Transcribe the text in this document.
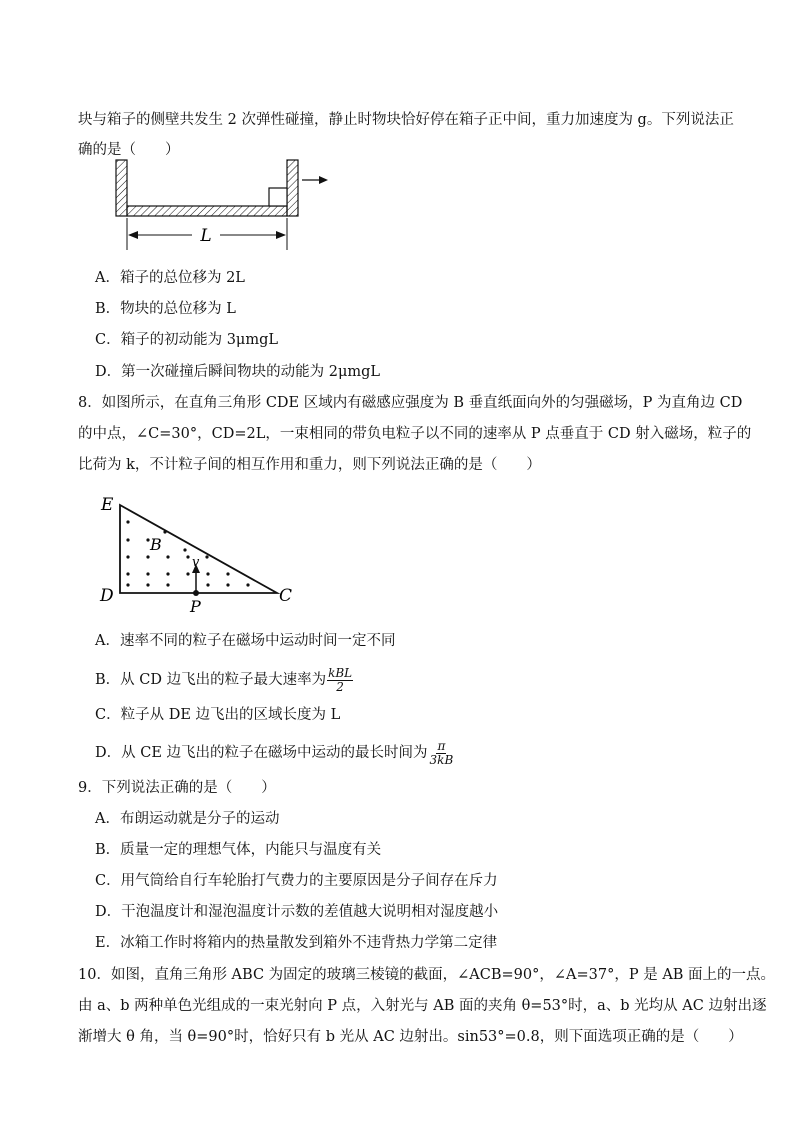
块与箱子的侧壁共发生 2 次弹性碰撞，静止时物块恰好停在箱子正中间，重力加速度为 g。下列说法正
确的是（　　）
L
A．箱子的总位移为 2L
B．物块的总位移为 L
C．箱子的初动能为 3μmgL
D．第一次碰撞后瞬间物块的动能为 2μmgL
8．如图所示，在直角三角形 CDE 区域内有磁感应强度为 B 垂直纸面向外的匀强磁场，P 为直角边 CD
的中点，∠C=30°，CD=2L，一束相同的带负电粒子以不同的速率从 P 点垂直于 CD 射入磁场，粒子的
比荷为 k，不计粒子间的相互作用和重力，则下列说法正确的是（　　）
E
D	C
P
B
v
A．速率不同的粒子在磁场中运动时间一定不同
B．从 CD 边飞出的粒子最大速率为 $\frac{\text{kBL}}{2}$
C．粒子从 DE 边飞出的区域长度为 L
D．从 CE 边飞出的粒子在磁场中运动的最长时间为 $\frac{\pi}{3kB}$
9．下列说法正确的是（　　）
A．布朗运动就是分子的运动
B．质量一定的理想气体，内能只与温度有关
C．用气筒给自行车轮胎打气费力的主要原因是分子间存在斥力
D．干泡温度计和湿泡温度计示数的差值越大说明相对湿度越小
E．冰箱工作时将箱内的热量散发到箱外不违背热力学第二定律
10．如图，直角三角形 ABC 为固定的玻璃三棱镜的截面，∠ACB=90°，∠A=37°，P 是 AB 面上的一点。
由 a、b 两种单色光组成的一束光射向 P 点，入射光与 AB 面的夹角 θ=53°时，a、b 光均从 AC 边射出逐
渐增大 θ 角，当 θ=90°时，恰好只有 b 光从 AC 边射出。sin53°=0.8，则下面选项正确的是（　　）
